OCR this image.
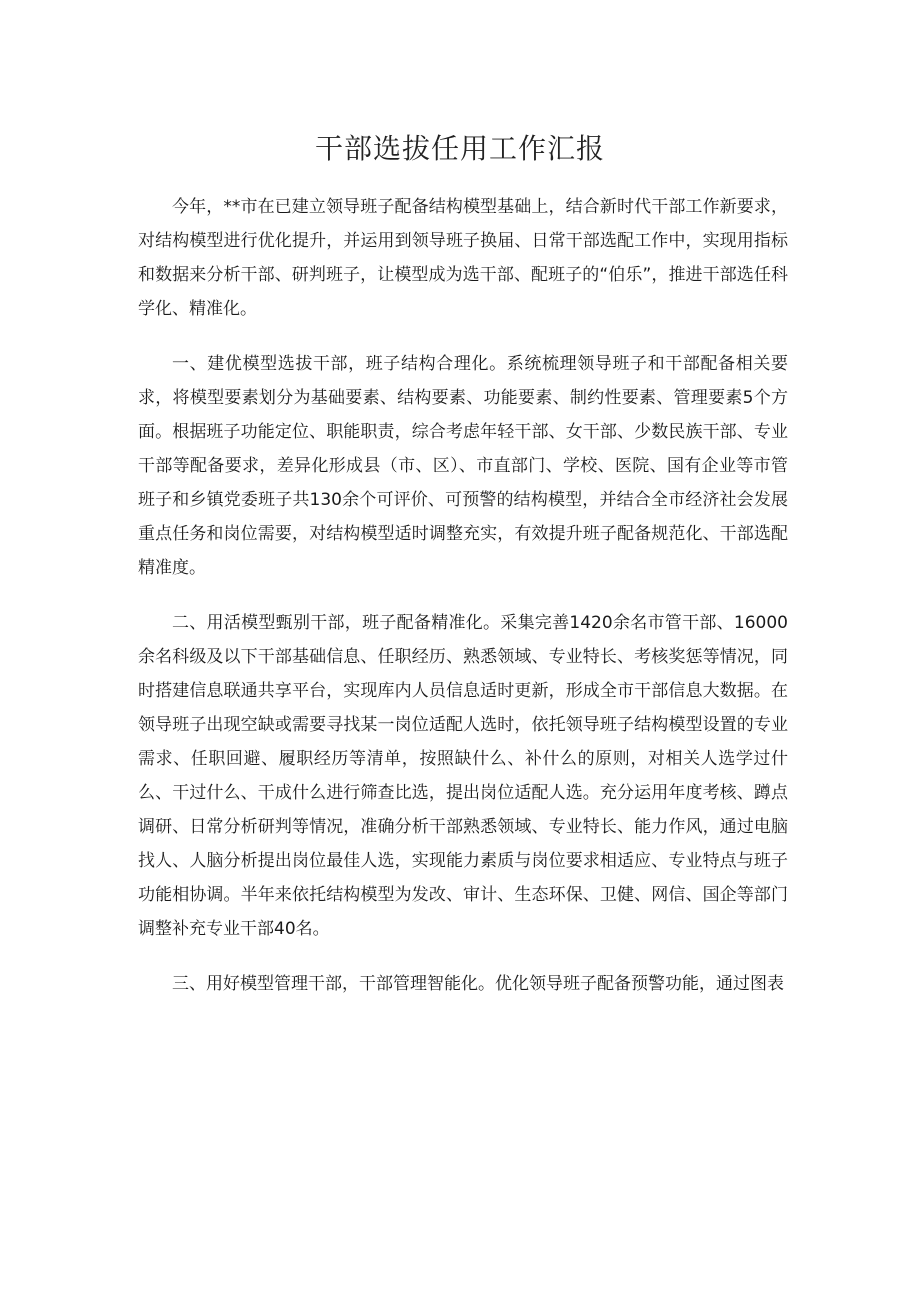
干部选拔任用工作汇报

今年，**市在已建立领导班子配备结构模型基础上，结合新时代干部工作新要求，对结构模型进行优化提升，并运用到领导班子换届、日常干部选配工作中，实现用指标和数据来分析干部、研判班子，让模型成为选干部、配班子的“伯乐”，推进干部选任科学化、精准化。

一、建优模型选拔干部，班子结构合理化。系统梳理领导班子和干部配备相关要求，将模型要素划分为基础要素、结构要素、功能要素、制约性要素、管理要素5个方面。根据班子功能定位、职能职责，综合考虑年轻干部、女干部、少数民族干部、专业干部等配备要求，差异化形成县（市、区）、市直部门、学校、医院、国有企业等市管班子和乡镇党委班子共130余个可评价、可预警的结构模型，并结合全市经济社会发展重点任务和岗位需要，对结构模型适时调整充实，有效提升班子配备规范化、干部选配精准度。

二、用活模型甄别干部，班子配备精准化。采集完善1420余名市管干部、16000余名科级及以下干部基础信息、任职经历、熟悉领域、专业特长、考核奖惩等情况，同时搭建信息联通共享平台，实现库内人员信息适时更新，形成全市干部信息大数据。在领导班子出现空缺或需要寻找某一岗位适配人选时，依托领导班子结构模型设置的专业需求、任职回避、履职经历等清单，按照缺什么、补什么的原则，对相关人选学过什么、干过什么、干成什么进行筛查比选，提出岗位适配人选。充分运用年度考核、蹲点调研、日常分析研判等情况，准确分析干部熟悉领域、专业特长、能力作风，通过电脑找人、人脑分析提出岗位最佳人选，实现能力素质与岗位要求相适应、专业特点与班子功能相协调。半年来依托结构模型为发改、审计、生态环保、卫健、网信、国企等部门调整补充专业干部40名。

三、用好模型管理干部，干部管理智能化。优化领导班子配备预警功能，通过图表
